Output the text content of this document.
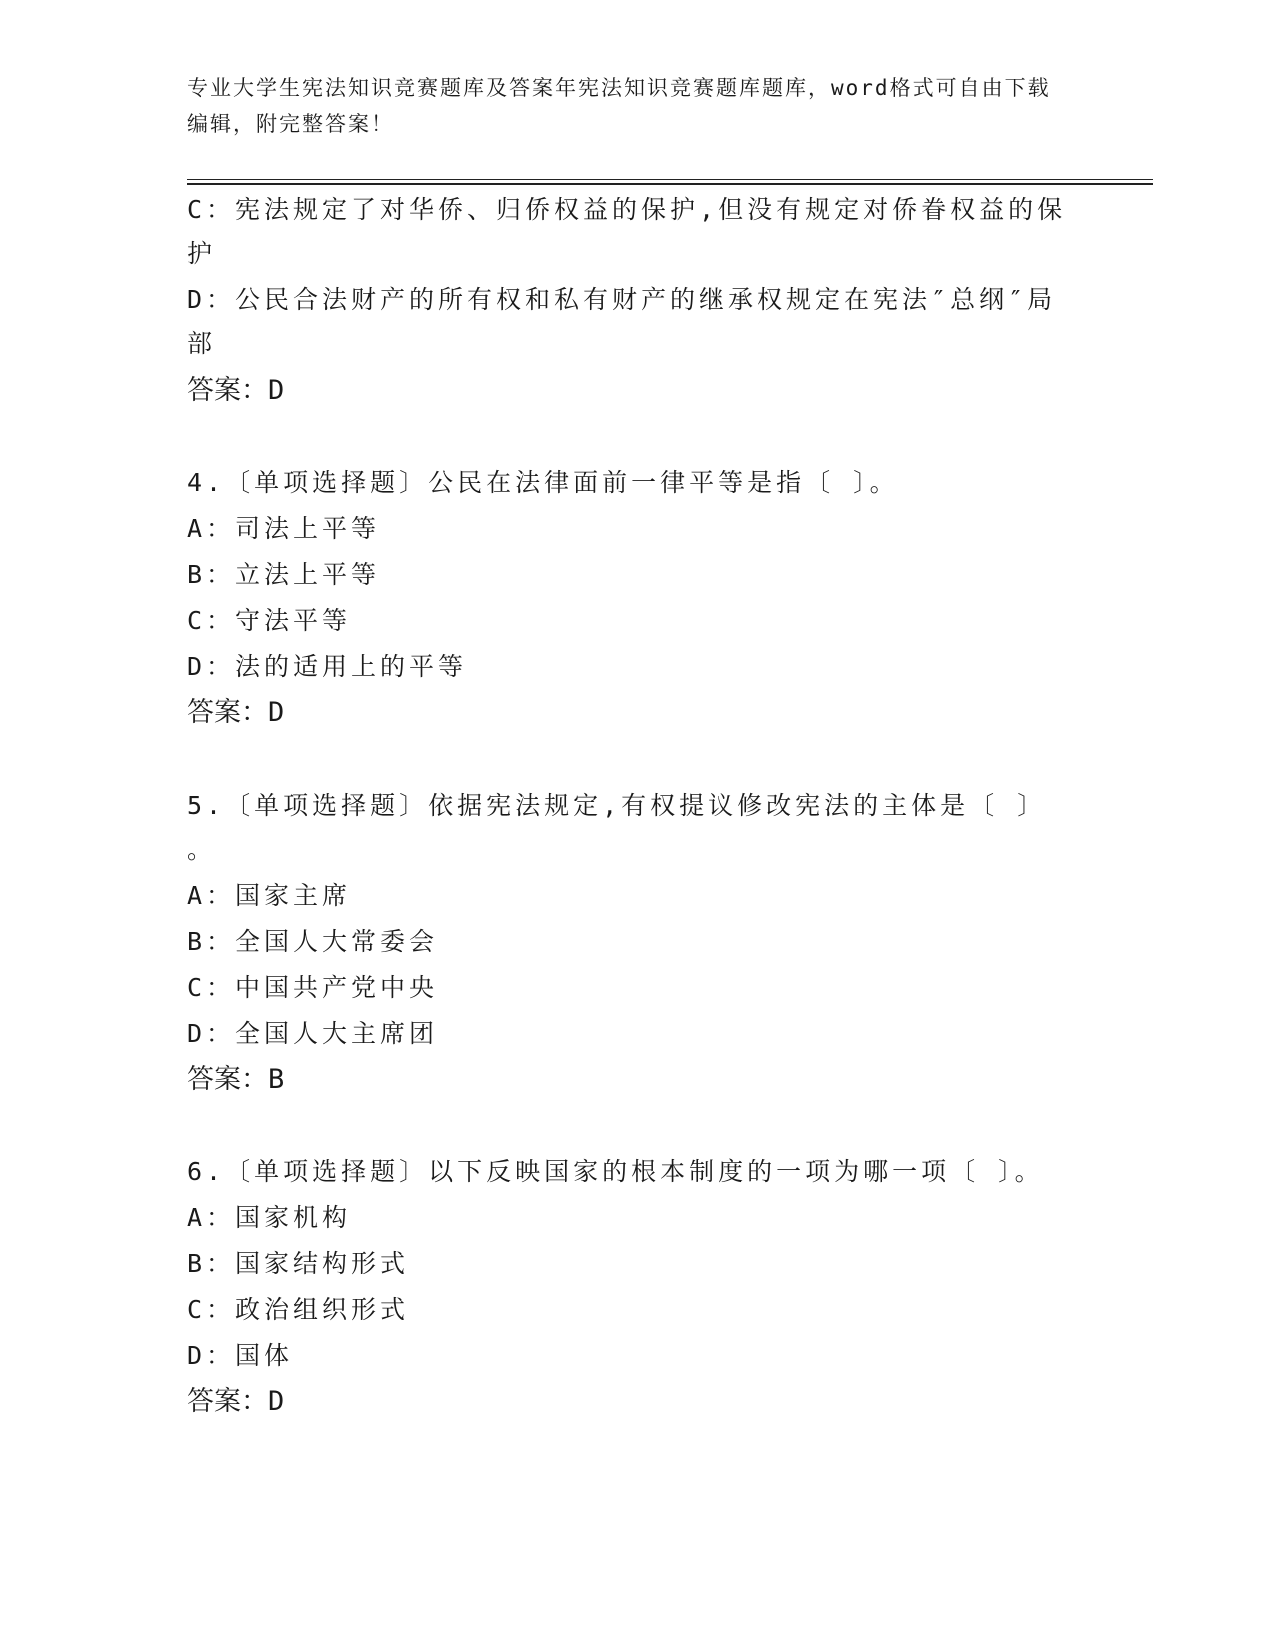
专业大学生宪法知识竞赛题库及答案年宪法知识竞赛题库题库，word格式可自由下载编辑，附完整答案！
C：宪法规定了对华侨、归侨权益的保护,但没有规定对侨眷权益的保
护
D：公民合法财产的所有权和私有财产的继承权规定在宪法″总纲″局
部
答案：D
4.〔单项选择题〕公民在法律面前一律平等是指〔 〕。
A：司法上平等
B：立法上平等
C：守法平等
D：法的适用上的平等
答案：D
5.〔单项选择题〕依据宪法规定,有权提议修改宪法的主体是〔 〕
。
A：国家主席
B：全国人大常委会
C：中国共产党中央
D：全国人大主席团
答案：B
6.〔单项选择题〕以下反映国家的根本制度的一项为哪一项〔 〕。
A：国家机构
B：国家结构形式
C：政治组织形式
D：国体
答案：D
